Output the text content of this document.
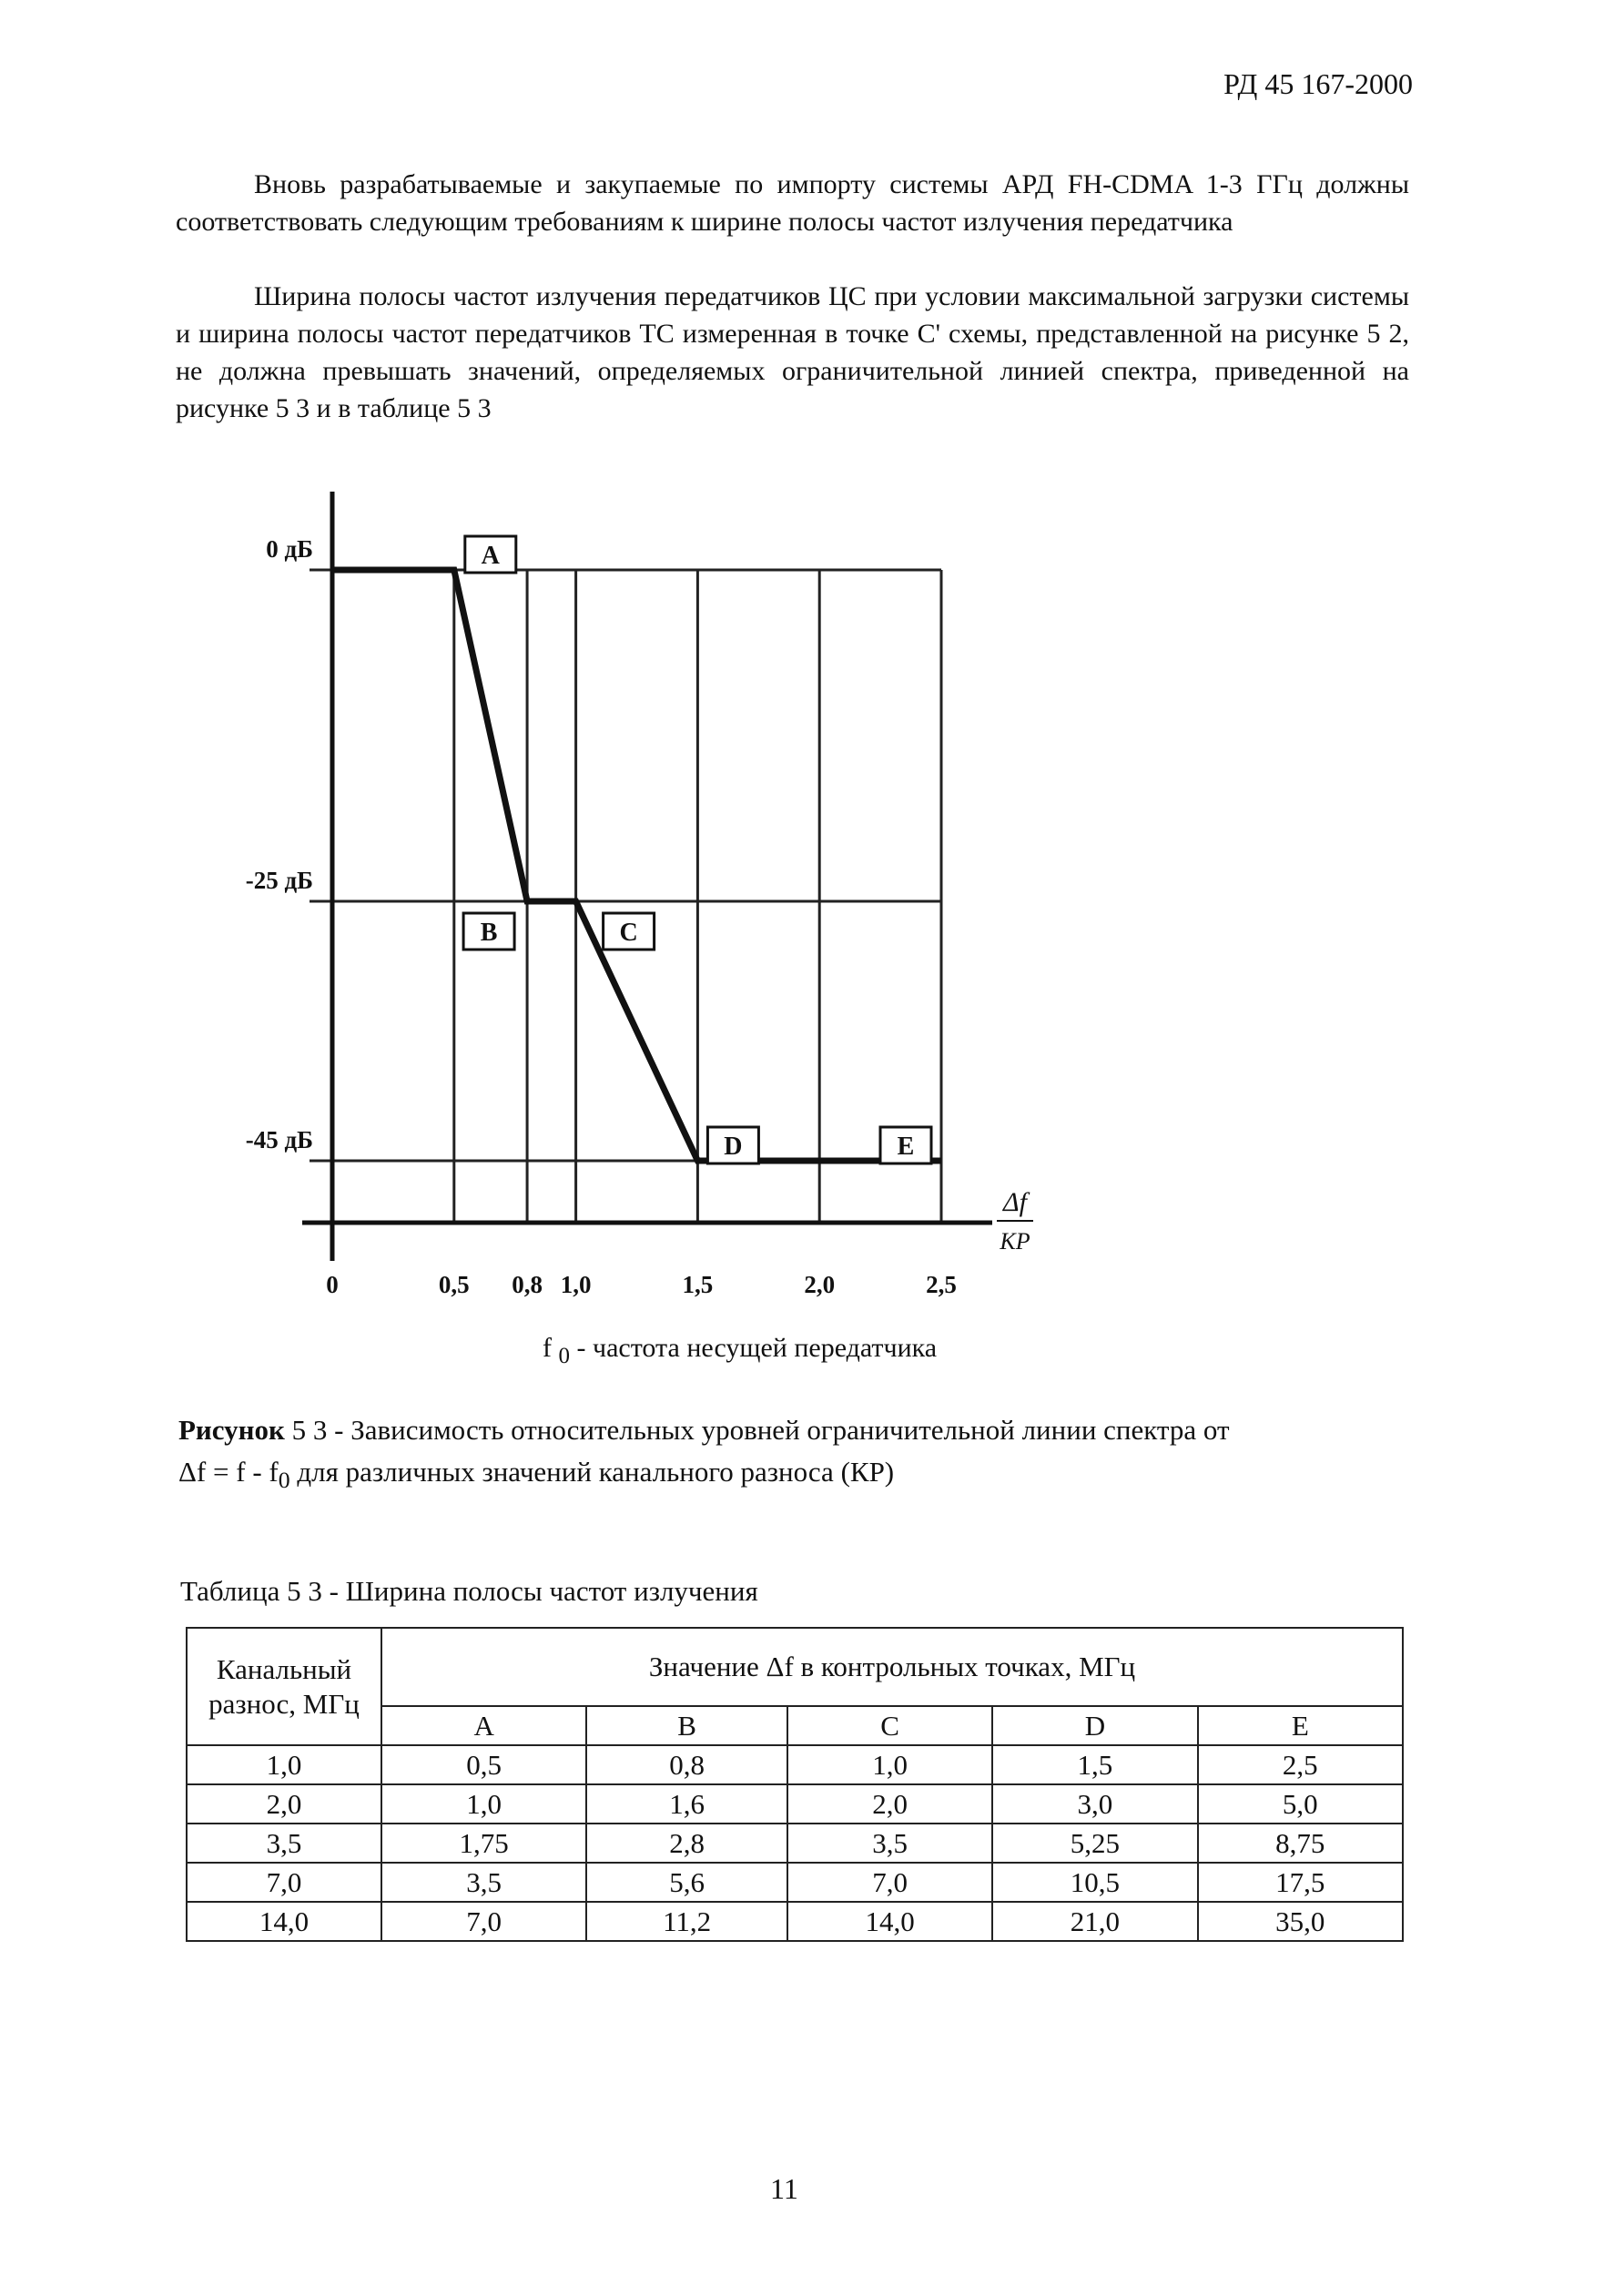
РД 45 167-2000

Вновь разрабатываемые и закупаемые по импорту системы АРД FH-CDMA 1-3 ГГц должны соответствовать следующим требованиям к ширине полосы частот излучения передатчика

Ширина полосы частот излучения передатчиков ЦС при условии максимальной загрузки системы и ширина полосы частот передатчиков ТС измеренная в точке С' схемы, представленной на рисунке 5 2, не должна превышать значений, определяемых ограничительной линией спектра, приведенной на рисунке 5 3 и в таблице 5 3

0	0,5 0,8 1,0	1,5	2,0	2,5
0 дБ
-25 дБ
-45 дБ
Δf
КР
A
B	C
D	E
f $_0$ - частота несущей передатчика

Рисунок 5 3 - Зависимость относительных уровней ограничительной линии спектра от
$\Delta f = f - f_0$ для различных значений канального разноса (КР)

Таблица 5 3 - Ширина полосы частот излучения
Канальный разнос, МГц	Значение Δf в контрольных точках, МГц				
	A	B	C	D	E
1,0	0,5	0,8	1,0	1,5	2,5
2,0	1,0	1,6	2,0	3,0	5,0
3,5	1,75	2,8	3,5	5,25	8,75
7,0	3,5	5,6	7,0	10,5	17,5
14,0	7,0	11,2	14,0	21,0	35,0
11
